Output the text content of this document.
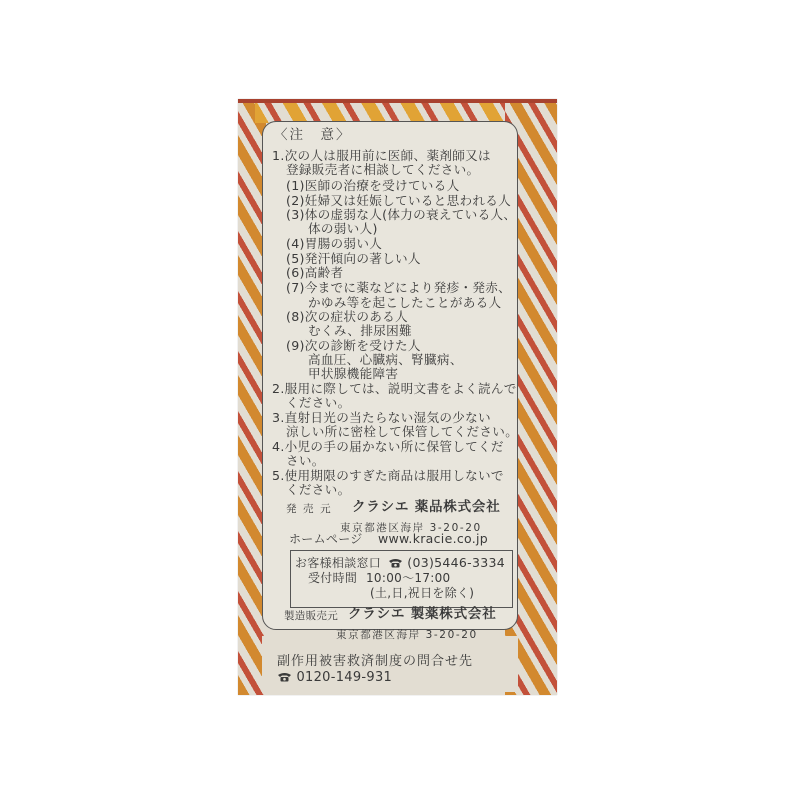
〈注　意〉
1.次の人は服用前に医師、薬剤師又は
登録販売者に相談してください。
(1)医師の治療を受けている人
(2)妊婦又は妊娠していると思われる人
(3)体の虚弱な人(体力の衰えている人、
体の弱い人)
(4)胃腸の弱い人
(5)発汗傾向の著しい人
(6)高齢者
(7)今までに薬などにより発疹・発赤、
かゆみ等を起こしたことがある人
(8)次の症状のある人
むくみ、排尿困難
(9)次の診断を受けた人
高血圧、心臓病、腎臓病、
甲状腺機能障害
2.服用に際しては、説明文書をよく読んで
ください。
3.直射日光の当たらない湿気の少ない
涼しい所に密栓して保管してください。
4.小児の手の届かない所に保管してくだ
さい。
5.使用期限のすぎた商品は服用しないで
ください。
発 売 元 クラシエ 薬品株式会社
東京都港区海岸 3-20-20
ホームページ www.kracie.co.jp
お客様相談窓口	(03)5446-3334
受付時間 10:00～17:00
(土,日,祝日を除く)
製造販売元 クラシエ 製薬株式会社
東京都港区海岸 3-20-20
副作用被害救済制度の問合せ先
0120-149-931
